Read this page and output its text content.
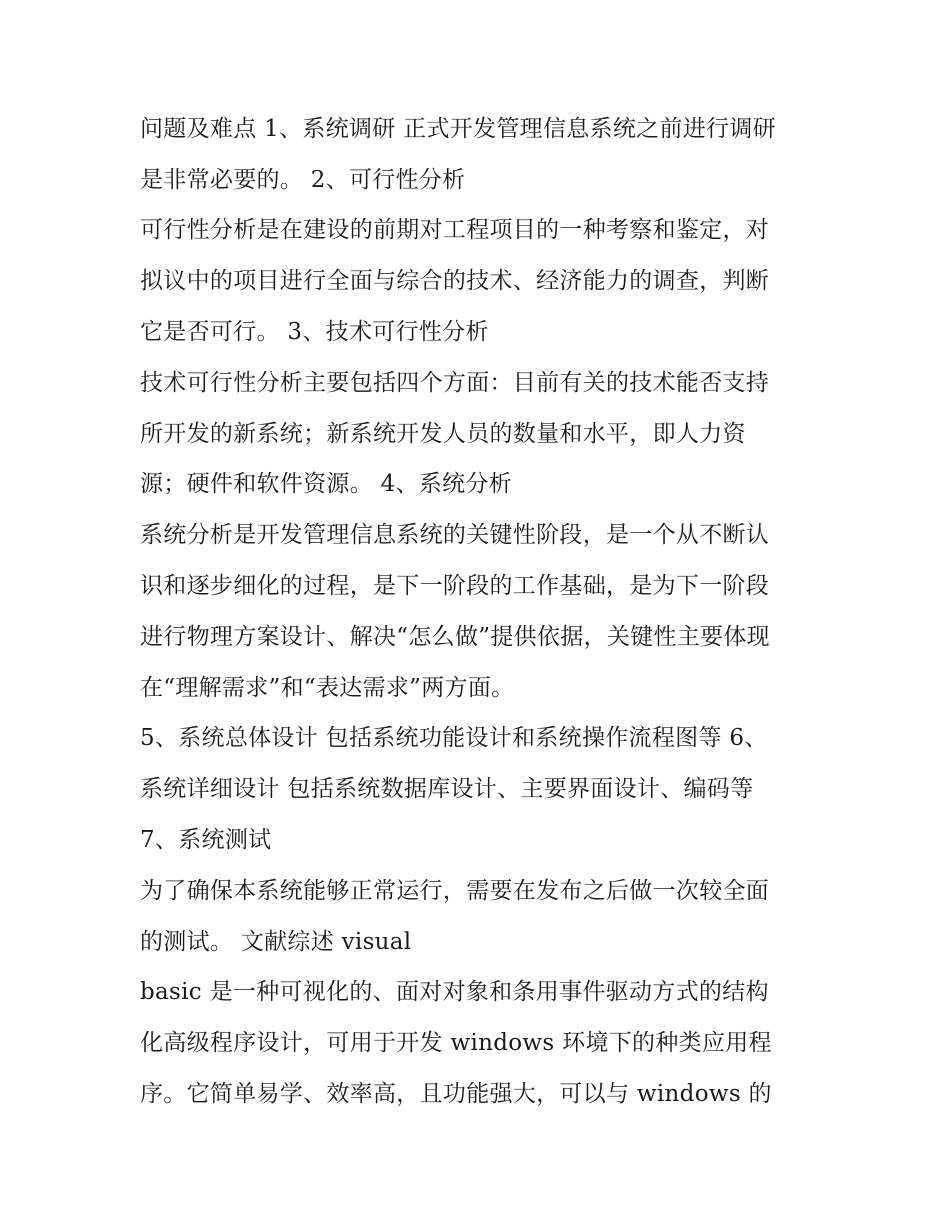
问题及难点 1、系统调研 正式开发管理信息系统之前进行调研
是非常必要的。 2、可行性分析
可行性分析是在建设的前期对工程项目的一种考察和鉴定，对
拟议中的项目进行全面与综合的技术、经济能力的调查，判断
它是否可行。 3、技术可行性分析
技术可行性分析主要包括四个方面：目前有关的技术能否支持
所开发的新系统；新系统开发人员的数量和水平，即人力资
源；硬件和软件资源。 4、系统分析
系统分析是开发管理信息系统的关键性阶段，是一个从不断认
识和逐步细化的过程，是下一阶段的工作基础，是为下一阶段
进行物理方案设计、解决“怎么做”提供依据，关键性主要体现
在“理解需求”和“表达需求”两方面。
5、系统总体设计 包括系统功能设计和系统操作流程图等 6、
系统详细设计 包括系统数据库设计、主要界面设计、编码等
7、系统测试
为了确保本系统能够正常运行，需要在发布之后做一次较全面
的测试。 文献综述 visual
basic 是一种可视化的、面对对象和条用事件驱动方式的结构
化高级程序设计，可用于开发 windows 环境下的种类应用程
序。它简单易学、效率高，且功能强大，可以与 windows 的
